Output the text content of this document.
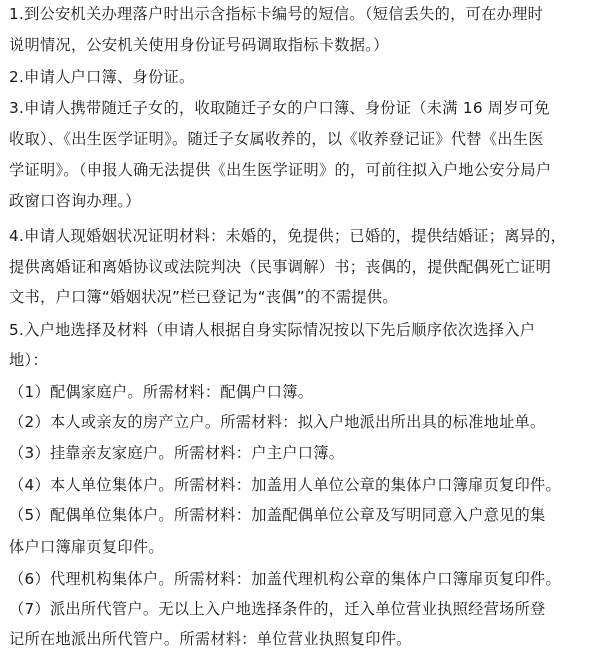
1.到公安机关办理落户时出示含指标卡编号的短信。（短信丢失的，可在办理时
说明情况，公安机关使用身份证号码调取指标卡数据。）
2.申请人户口簿、身份证。
3.申请人携带随迁子女的，收取随迁子女的户口簿、身份证（未满 16 周岁可免
收取）、《出生医学证明》。随迁子女属收养的，以《收养登记证》代替《出生医
学证明》。（申报人确无法提供《出生医学证明》的，可前往拟入户地公安分局户
政窗口咨询办理。）
4.申请人现婚姻状况证明材料：未婚的，免提供；已婚的，提供结婚证；离异的，
提供离婚证和离婚协议或法院判决（民事调解）书；丧偶的，提供配偶死亡证明
文书，户口簿“婚姻状况”栏已登记为“丧偶”的不需提供。
5.入户地选择及材料（申请人根据自身实际情况按以下先后顺序依次选择入户
地）：
（1）配偶家庭户。所需材料：配偶户口簿。
（2）本人或亲友的房产立户。所需材料：拟入户地派出所出具的标准地址单。
（3）挂靠亲友家庭户。所需材料：户主户口簿。
（4）本人单位集体户。所需材料：加盖用人单位公章的集体户口簿扉页复印件。
（5）配偶单位集体户。所需材料：加盖配偶单位公章及写明同意入户意见的集
体户口簿扉页复印件。
（6）代理机构集体户。所需材料：加盖代理机构公章的集体户口簿扉页复印件。
（7）派出所代管户。无以上入户地选择条件的，迁入单位营业执照经营场所登
记所在地派出所代管户。所需材料：单位营业执照复印件。
